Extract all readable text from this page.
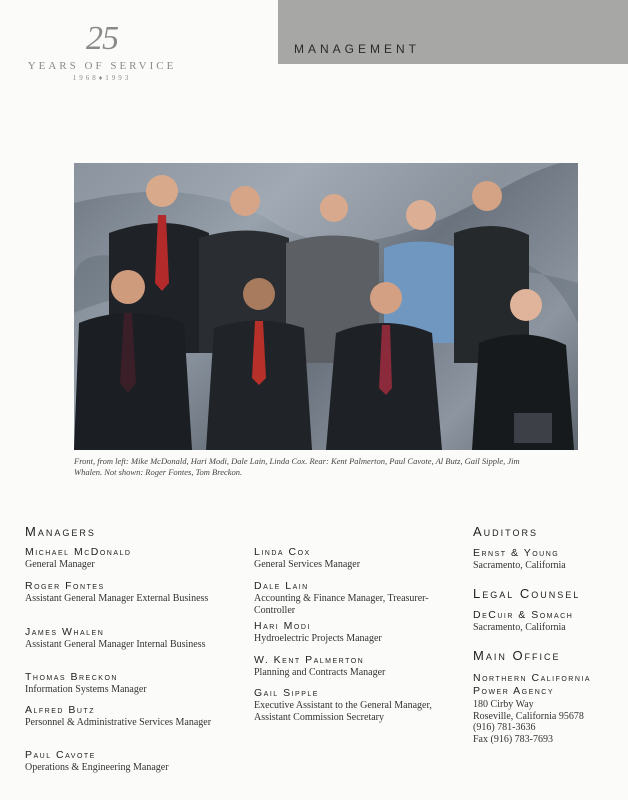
25
YEARS OF SERVICE
1968♦1993
MANAGEMENT
Front, from left: Mike McDonald, Hari Modi, Dale Lain, Linda Cox. Rear: Kent Palmerton, Paul Cavote, Al Butz, Gail Sipple, Jim Whalen. Not shown: Roger Fontes, Tom Breckon.
Managers
Michael McDonald
General Manager
Roger Fontes
Assistant General Manager External Business
James Whalen
Assistant General Manager Internal Business
Thomas Breckon
Information Systems Manager
Alfred Butz
Personnel & Administrative Services Manager
Paul Cavote
Operations & Engineering Manager
Linda Cox
General Services Manager
Dale Lain
Accounting & Finance Manager, Treasurer-Controller
Hari Modi
Hydroelectric Projects Manager
W. Kent Palmerton
Planning and Contracts Manager
Gail Sipple
Executive Assistant to the General Manager, Assistant Commission Secretary
Auditors
Ernst & Young
Sacramento, California
Legal Counsel
DeCuir & Somach
Sacramento, California
Main Office
Northern California Power Agency
180 Cirby Way
Roseville, California 95678
(916) 781-3636
Fax (916) 783-7693
